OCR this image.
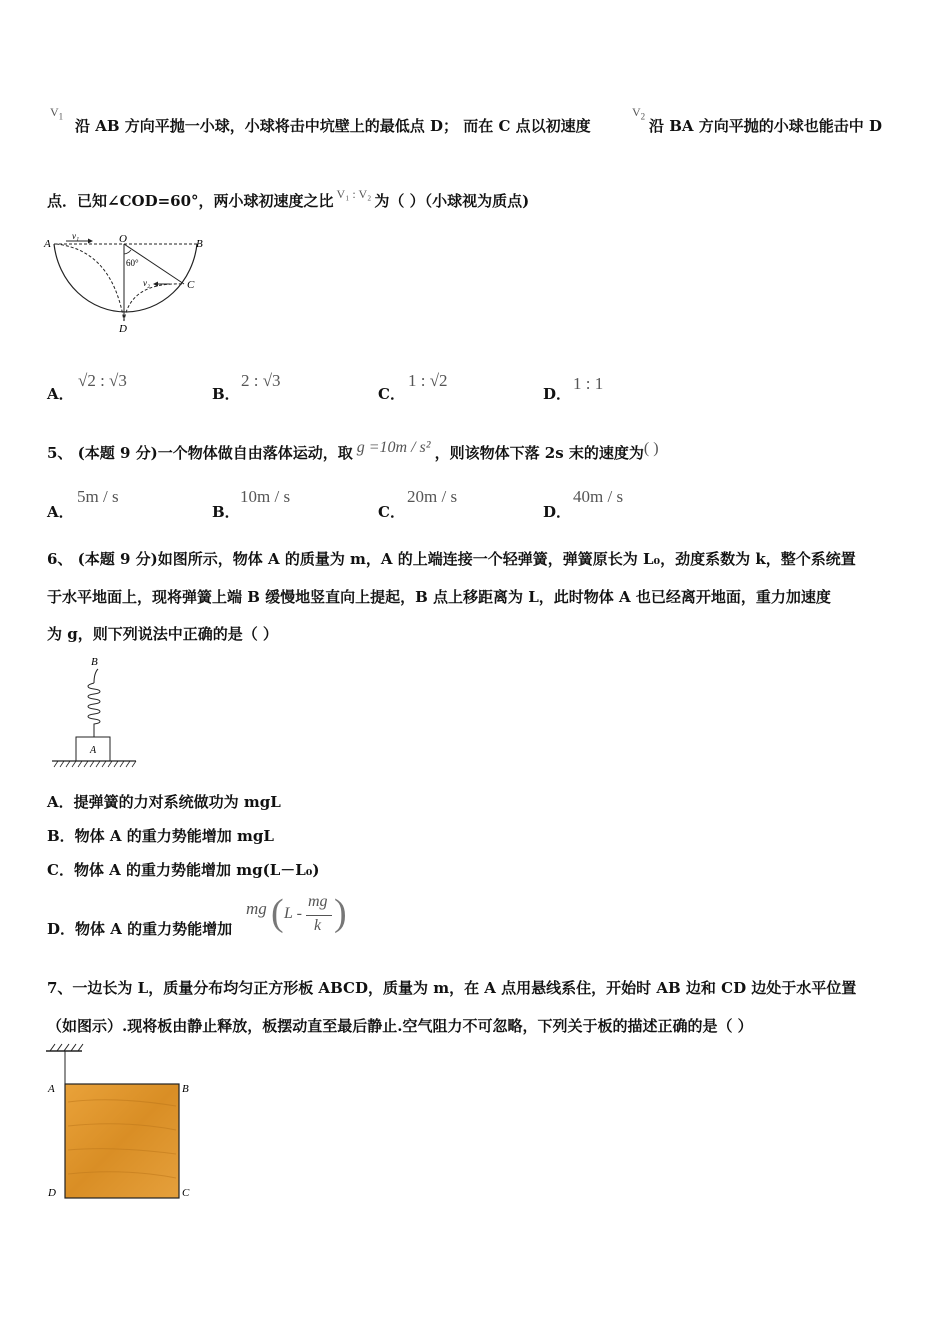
$V_1$
沿 AB 方向平抛一小球，小球将击中坑壁上的最低点 D； 而在 C 点以初速度
$V_2$
沿 BA 方向平抛的小球也能击中 D
点．已知∠COD=60°，两小球初速度之比 $^{V_1 : V_2}$ 为（ ）（小球视为质点)
A	B
O
C
D
v₁
v₂
60°
A．
√2 : √3
B．
2 : √3
C．
1 : √2
D．
1 : 1
5、 (本题 9 分)一个物体做自由落体运动，取 g =10m / s² ，则该物体下落 2s 末的速度为( )
A．
5m / s
B．
10m / s
C．
20m / s
D．
40m / s
6、 (本题 9 分)如图所示，物体 A 的质量为 m，A 的上端连接一个轻弹簧，弹簧原长为 L₀，劲度系数为 k，整个系统置
于水平地面上，现将弹簧上端 B 缓慢地竖直向上提起，B 点上移距离为 L，此时物体 A 也已经离开地面，重力加速度
为 g，则下列说法中正确的是（ ）
B
A
A．提弹簧的力对系统做功为 mgL
B．物体 A 的重力势能增加 mgL
C．物体 A 的重力势能增加 mg(L－L₀)
D．物体 A 的重力势能增加
mg ( L -
mg
k )
7、一边长为 L，质量分布均匀正方形板 ABCD，质量为 m，在 A 点用悬线系住，开始时 AB 边和 CD 边处于水平位置
（如图示）.现将板由静止释放，板摆动直至最后静止.空气阻力不可忽略，下列关于板的描述正确的是（ ）
A	B
D	C
